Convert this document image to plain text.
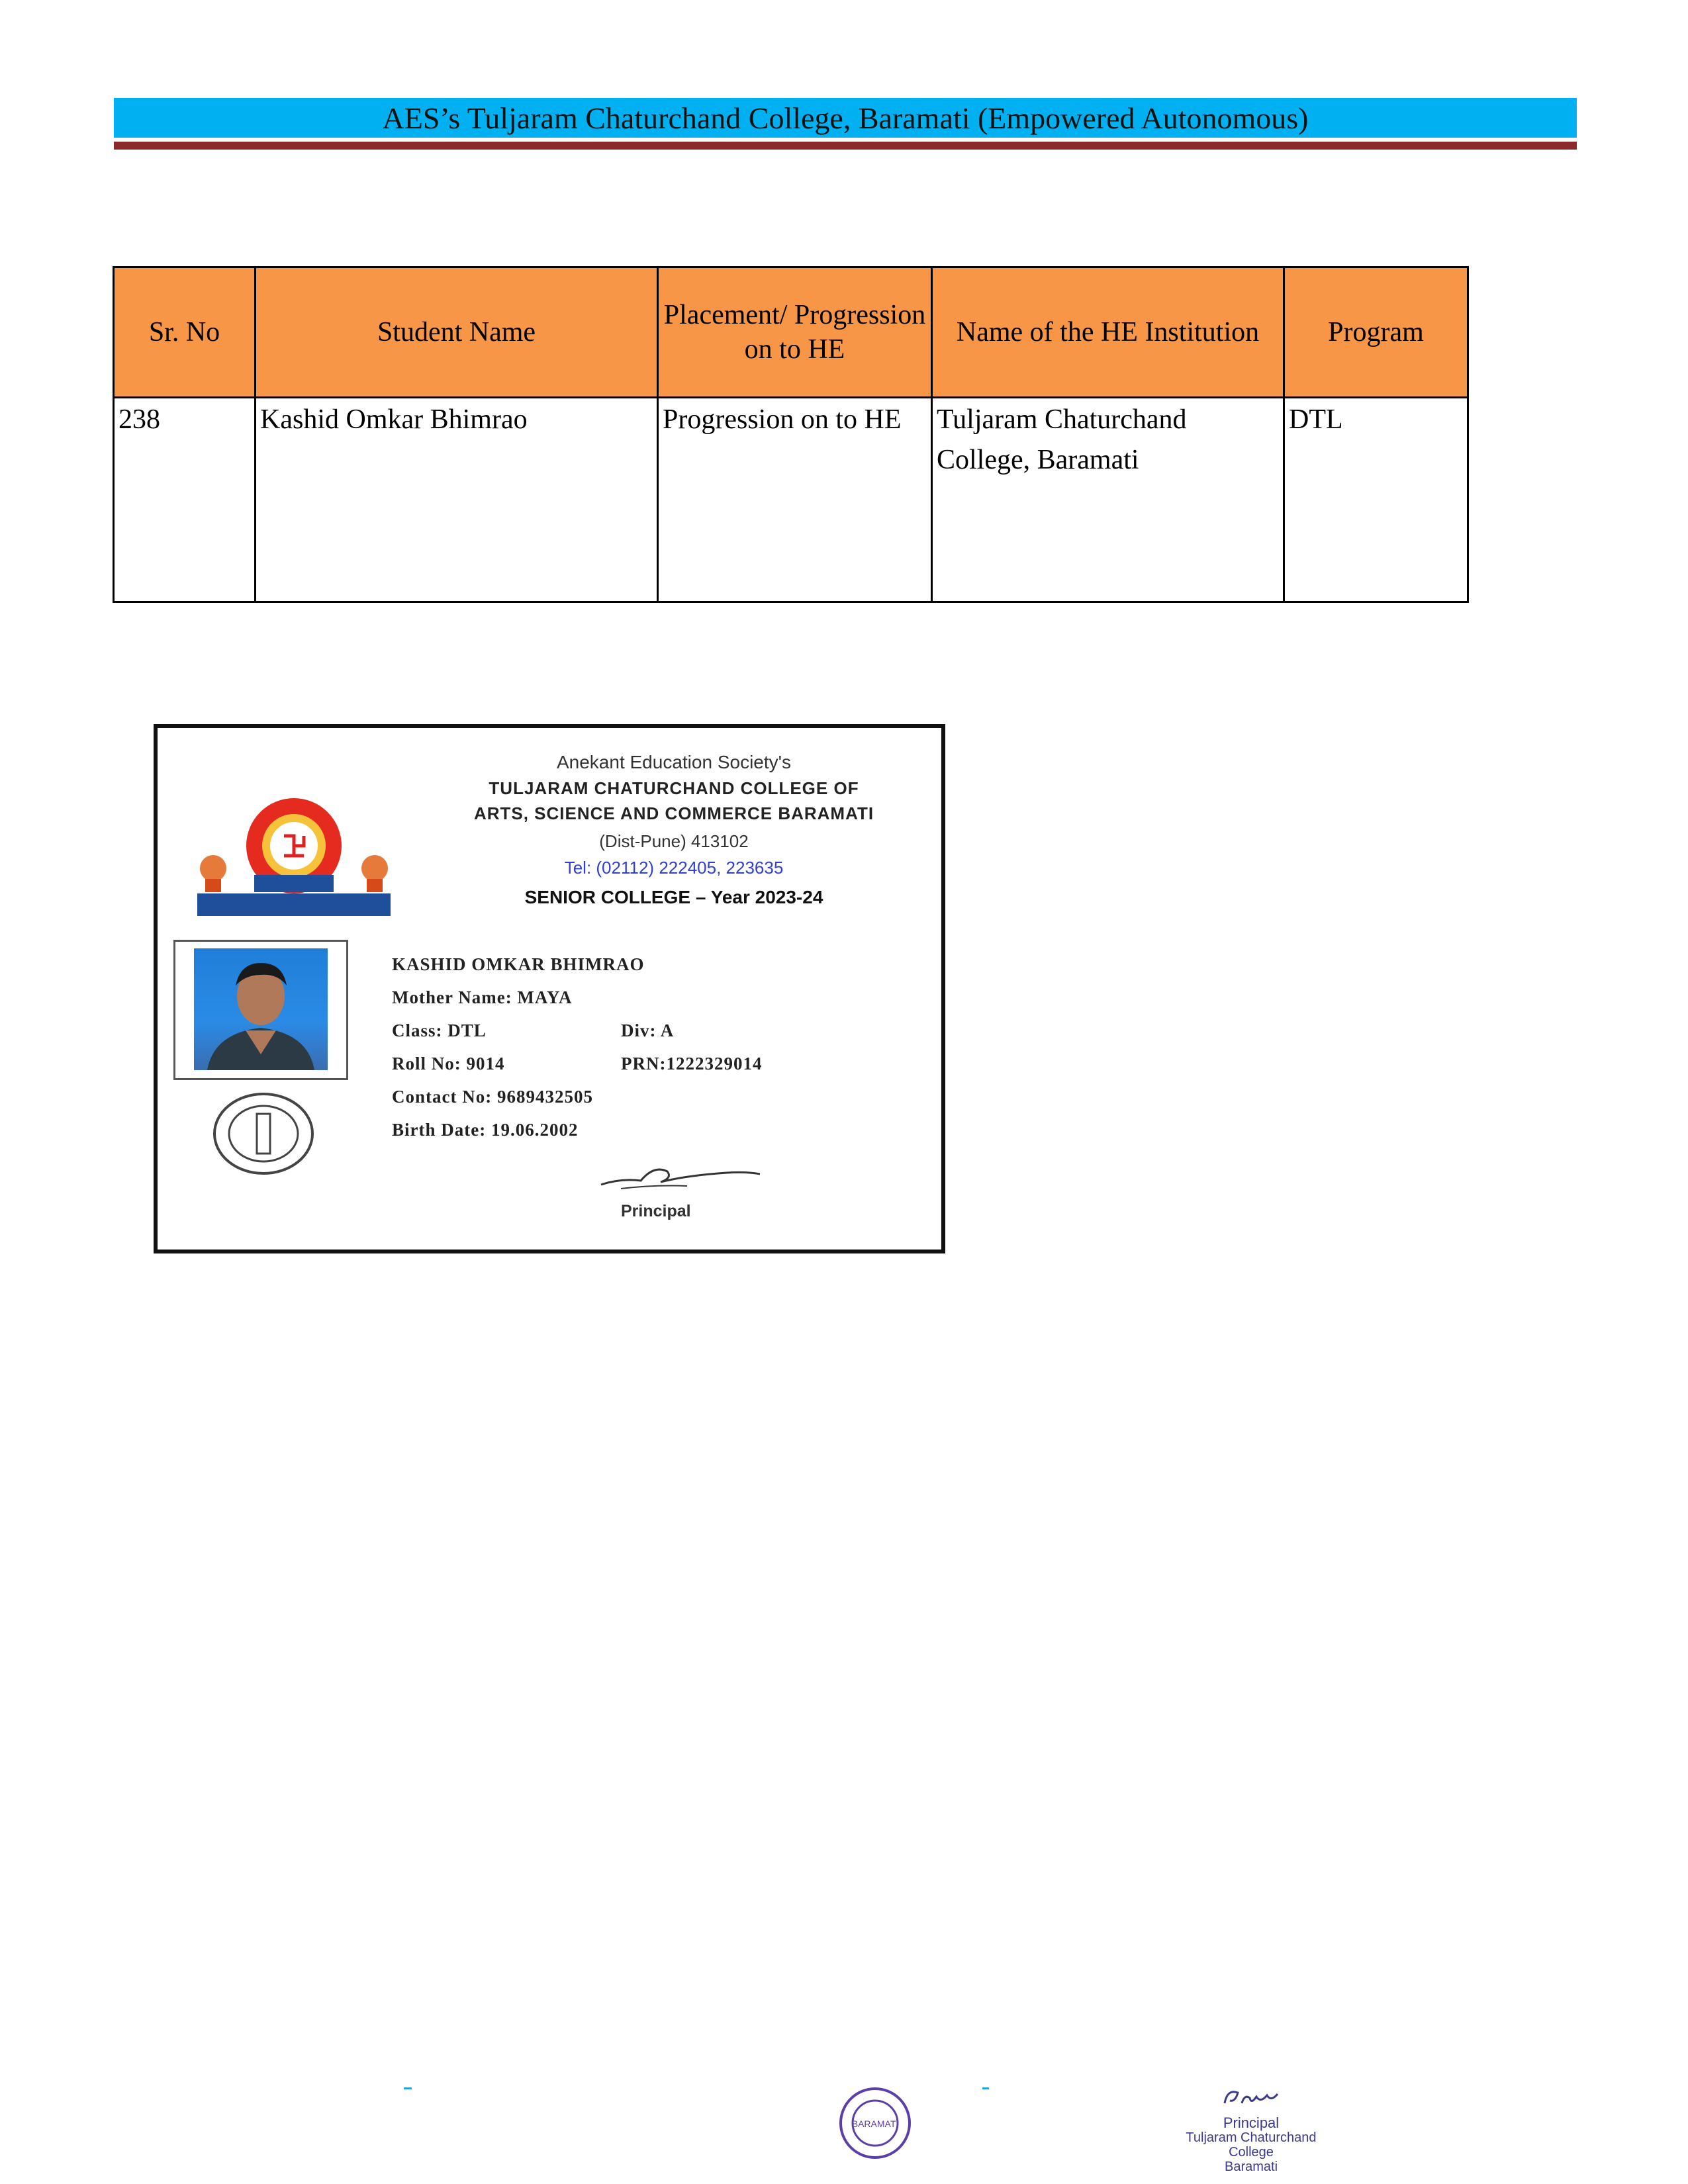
AES’s Tuljaram Chaturchand College, Baramati (Empowered Autonomous)
Sr. No	Student Name	Placement/ Progression on to HE	Name of the HE Institution	Program
238	Kashid Omkar Bhimrao	Progression on to HE	Tuljaram Chaturchand College, Baramati	DTL
Anekant Education Society's
TULJARAM CHATURCHAND COLLEGE OF
ARTS, SCIENCE AND COMMERCE BARAMATI
(Dist-Pune) 413102
Tel: (02112) 222405, 223635
SENIOR COLLEGE – Year 2023-24
KASHID OMKAR BHIMRAO
Mother Name: MAYA
Class: DTL	Div: A
Roll No: 9014	PRN:1222329014
Contact No: 9689432505
Birth Date: 19.06.2002
Principal
BARAMATI	Principal
Tuljaram Chaturchand College
Baramati
